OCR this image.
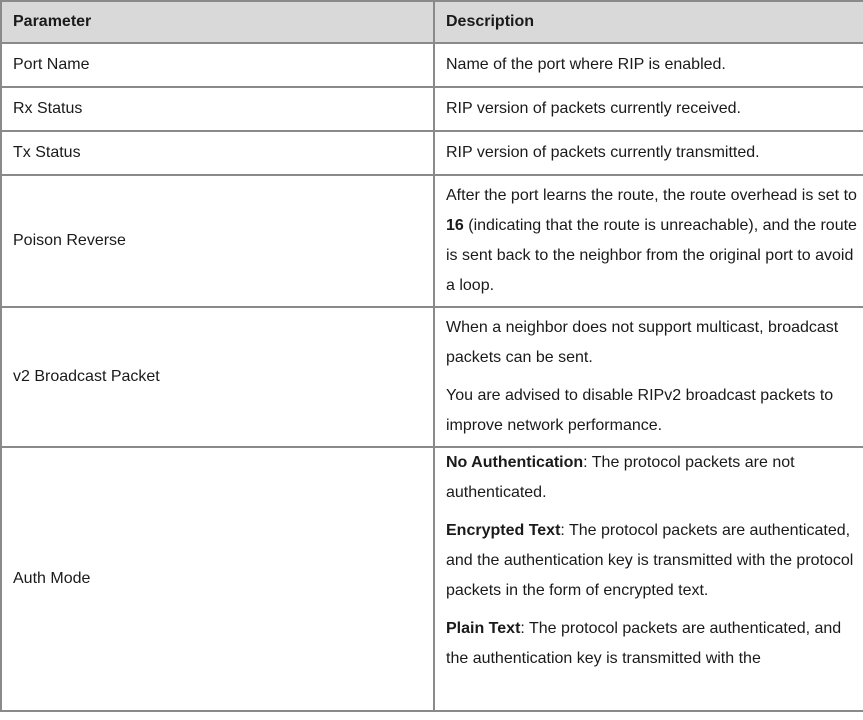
Parameter	Description
Port Name	Name of the port where RIP is enabled.
Rx Status	RIP version of packets currently received.
Tx Status	RIP version of packets currently transmitted.
Poison Reverse	After the port learns the route, the route overhead is set to 16 (indicating that the route is unreachable), and the route is sent back to the neighbor from the original port to avoid a loop.
v2 Broadcast Packet	When a neighbor does not support multicast, broadcast packets can be sent.
You are advised to disable RIPv2 broadcast packets to improve network performance.

Auth Mode	No Authentication: The protocol packets are not authenticated.
Encrypted Text: The protocol packets are authenticated, and the authentication key is transmitted with the protocol packets in the form of encrypted text.
Plain Text: The protocol packets are authenticated, and the authentication key is transmitted with the
